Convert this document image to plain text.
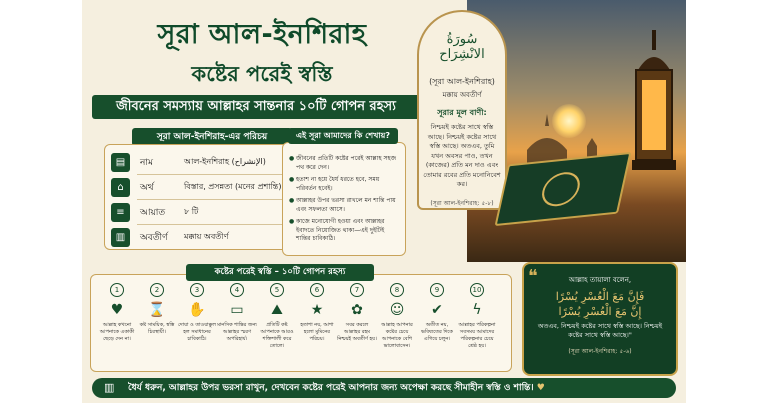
সূরা আল-ইনশিরাহ
কষ্টের পরেই স্বস্তি
জীবনের সমস্যায় আল্লাহর সান্তনার ১০টি গোপন রহস্য
سُورَةُ الانْشِرَاح
(সূরা আল-ইনশিরাহ)
মক্কায় অবতীর্ণ
সূরার মূল বাণী:
নিশ্চয়ই কষ্টের সাথে স্বস্তি আছে। নিশ্চয়ই কষ্টের সাথে স্বস্তি আছে। অতএব, তুমি যখন অবসর পাও, তখন (কাজের) প্রতি মন দাও এবং তোমার রবের প্রতি মনোনিবেশ কর।
(সূরা আল-ইনশিরাহ: ৫-৮)
সূরা আল-ইনশিরাহ-এর পরিচয়
▤	নাম	আল-ইনশিরাহ (الإنشراح)
⌂	অর্থ	বিস্তার, প্রসন্নতা (মনের প্রশান্তি)
≡	আয়াত	৮ টি
▥	অবতীর্ণ	মক্কায় অবতীর্ণ
● জীবনের প্রতিটি কষ্টের পরেই আল্লাহ সহজ পথ করে দেন।
● হতাশ না হয়ে ধৈর্য ধরতে হবে, সময় পরিবর্তন হবেই।
● আল্লাহর উপর ভরসা রাখলে মন শান্তি পায় এবং সফলতা আসে।
● কাজে মনোযোগী হওয়া এবং আল্লাহর ইবাদতে নিয়োজিত থাকা—এই দুইটিই শান্তির চাবিকাঠি।
এই সূরা আমাদের কি শেখায়?
1
♥
আল্লাহ কখনো আপনাকে একাকী ছেড়ে দেন না।
2
⌛
কষ্ট সাময়িক, স্বস্তি চিরস্থায়ী।
3
✋
দোয়া ও তাওয়াক্কুল হল সমাধানের চাবিকাঠি।
4
▭
মানসিক শান্তির জন্য আল্লাহর স্মরণ অপরিহার্য।
5
⛰
প্রতিটি কষ্ট আপনাকে আরও শক্তিশালী করে তোলে।
6
★
হতাশা নয়, আশা হলো মুমিনের পরিচয়।
7
✿
সবর করলে আল্লাহর রহম নিশ্চয়ই অবতীর্ণ হয়।
8
☺
আল্লাহ আপনার কষ্টের চেয়ে আপনাকে বেশি ভালোবাসেন।
9
✔
অতীত নয়, ভবিষ্যতের দিকে এগিয়ে চলুন।
10
ϟ
আল্লাহর পরিকল্পনা সবসময় আমাদের পরিকল্পনার চেয়ে শ্রেষ্ঠ হয়।
কষ্টের পরেই স্বস্তি – ১০টি গোপন রহস্য	❝	আল্লাহ তায়ালা বলেন,
فَإِنَّ مَعَ الْعُسْرِ يُسْرًا
إِنَّ مَعَ الْعُسْرِ يُسْرًا
অতএব, নিশ্চয়ই কষ্টের সাথে স্বস্তি আছে। নিশ্চয়ই কষ্টের সাথে স্বস্তি আছে।"
(সূরা আল-ইনশিরাহ: ৫-৬)
▥ ধৈর্য ধরুন, আল্লাহর উপর ভরসা রাখুন, দেখবেন কষ্টের পরেই আপনার জন্য অপেক্ষা করছে সীমাহীন স্বস্তি ও শান্তি। ♥
